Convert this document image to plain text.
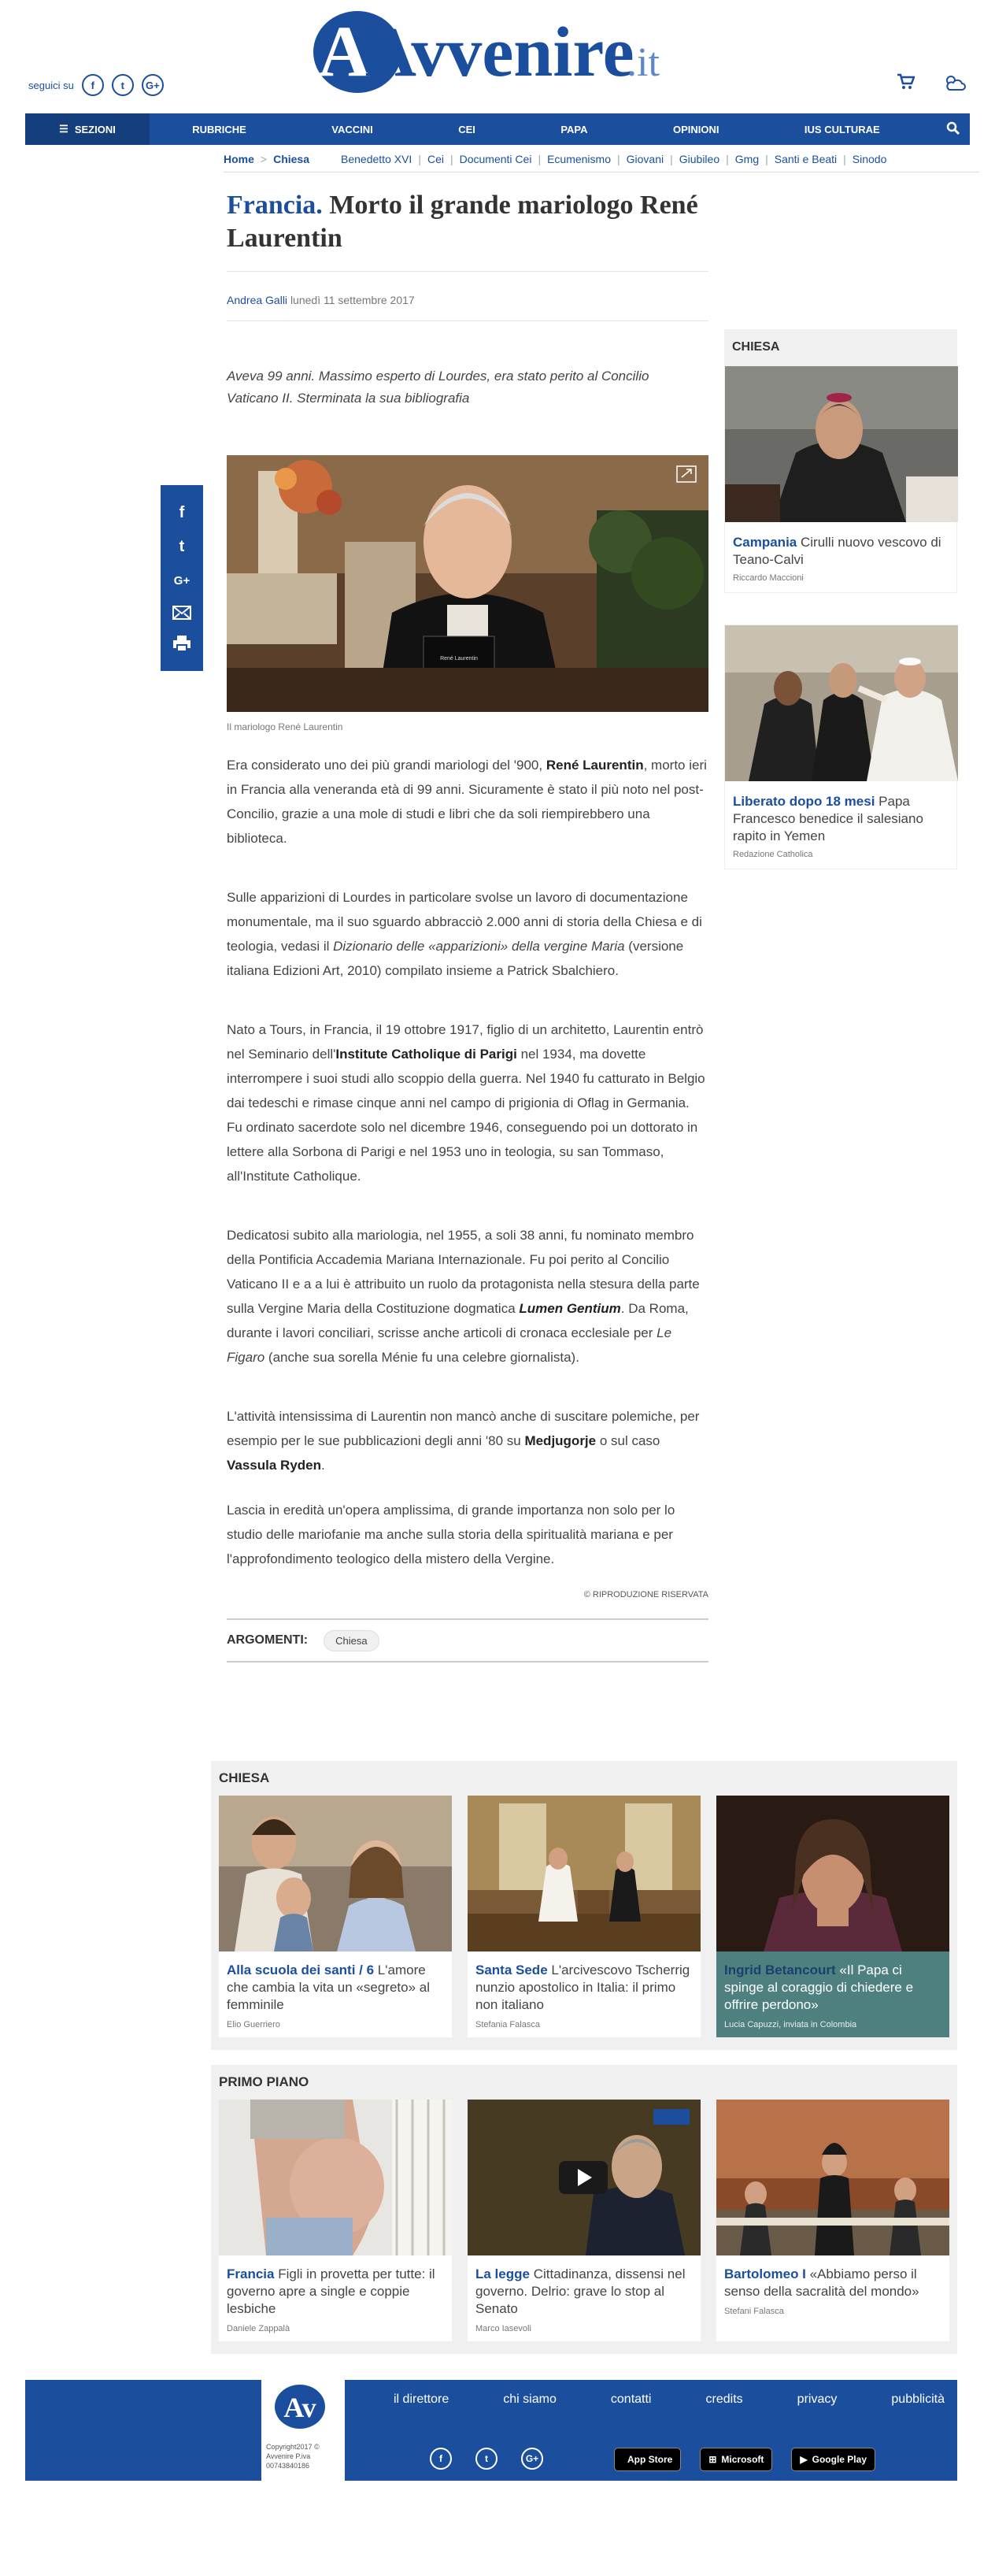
seguici su	f	t	G+ A
Avvenire
.it
☰ SEZIONI	RUBRICHE	VACCINI	CEI	PAPA	OPINIONI	IUS CULTURAE
Home > Chiesa	Benedetto XVI | Cei | Documenti Cei | Ecumenismo | Giovani | Giubileo | Gmg | Santi e Beati | Sinodo
f
t
G+
Francia. Morto il grande mariologo René Laurentin
Andrea Galli lunedì 11 settembre 2017

Aveva 99 anni. Massimo esperto di Lourdes, era stato perito al Concilio Vaticano II. Sterminata la sua bibliografia

René Laurentin

Il mariologo René Laurentin

Era considerato uno dei più grandi mariologi del '900, René Laurentin, morto ieri in Francia alla veneranda età di 99 anni. Sicuramente è stato il più noto nel post-Concilio, grazie a una mole di studi e libri che da soli riempirebbero una biblioteca.

Sulle apparizioni di Lourdes in particolare svolse un lavoro di documentazione monumentale, ma il suo sguardo abbracciò 2.000 anni di storia della Chiesa e di teologia, vedasi il Dizionario delle «apparizioni» della vergine Maria (versione italiana Edizioni Art, 2010) compilato insieme a Patrick Sbalchiero.

Nato a Tours, in Francia, il 19 ottobre 1917, figlio di un architetto, Laurentin entrò nel Seminario dell'Institute Catholique di Parigi nel 1934, ma dovette interrompere i suoi studi allo scoppio della guerra. Nel 1940 fu catturato in Belgio dai tedeschi e rimase cinque anni nel campo di prigionia di Oflag in Germania. Fu ordinato sacerdote solo nel dicembre 1946, conseguendo poi un dottorato in lettere alla Sorbona di Parigi e nel 1953 uno in teologia, su san Tommaso, all'Institute Catholique.

Dedicatosi subito alla mariologia, nel 1955, a soli 38 anni, fu nominato membro della Pontificia Accademia Mariana Internazionale. Fu poi perito al Concilio Vaticano II e a a lui è attribuito un ruolo da protagonista nella stesura della parte sulla Vergine Maria della Costituzione dogmatica Lumen Gentium. Da Roma, durante i lavori conciliari, scrisse anche articoli di cronaca ecclesiale per Le Figaro (anche sua sorella Ménie fu una celebre giornalista).

L'attività intensissima di Laurentin non mancò anche di suscitare polemiche, per esempio per le sue pubblicazioni degli anni '80 su Medjugorje o sul caso Vassula Ryden.

Lascia in eredità un'opera amplissima, di grande importanza non solo per lo studio delle mariofanie ma anche sulla storia della spiritualità mariana e per l'approfondimento teologico della mistero della Vergine.

© RIPRODUZIONE RISERVATA

ARGOMENTI:	Chiesa
CHIESA

Campania Cirulli nuovo vescovo di Teano-Calvi

Riccardo Maccioni

Liberato dopo 18 mesi Papa Francesco benedice il salesiano rapito in Yemen

Redazione Catholica

CHIESA

Alla scuola dei santi / 6 L'amore che cambia la vita un «segreto» al femminile

Elio Guerriero

Santa Sede L'arcivescovo Tscherrig nunzio apostolico in Italia: il primo non italiano

Stefania Falasca

Ingrid Betancourt «Il Papa ci spinge al coraggio di chiedere e offrire perdono»

Lucia Capuzzi, inviata in Colombia

PRIMO PIANO

Francia Figli in provetta per tutte: il governo apre a single e coppie lesbiche

Daniele Zappalà

La legge Cittadinanza, dissensi nel governo. Delrio: grave lo stop al Senato

Marco Iasevoli

Bartolomeo I «Abbiamo perso il senso della sacralità del mondo»

Stefani Falasca

Av

Copyright2017 © Avvenire P.iva 00743840186

il direttore	chi siamo	contatti	credits	privacy	pubblicità
f	t	G+	App Store	⊞ Microsoft	▶ Google Play
